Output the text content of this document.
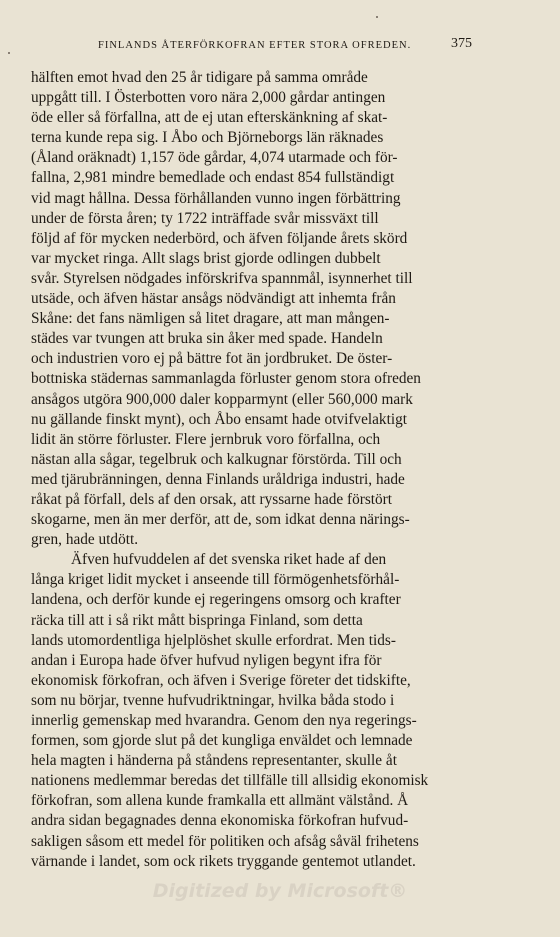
FINLANDS ÅTERFÖRKOFRAN EFTER STORA OFREDEN.	375
hälften emot hvad den 25 år tidigare på samma område
uppgått till. I Österbotten voro nära 2,000 gårdar antingen
öde eller så förfallna, att de ej utan efterskänkning af skat-
terna kunde repa sig. I Åbo och Björneborgs län räknades
(Åland oräknadt) 1,157 öde gårdar, 4,074 utarmade och för-
fallna, 2,981 mindre bemedlade och endast 854 fullständigt
vid magt hållna. Dessa förhållanden vunno ingen förbättring
under de första åren; ty 1722 inträffade svår missväxt till
följd af för mycken nederbörd, och äfven följande årets skörd
var mycket ringa. Allt slags brist gjorde odlingen dubbelt
svår. Styrelsen nödgades införskrifva spannmål, isynnerhet till
utsäde, och äfven hästar ansågs nödvändigt att inhemta från
Skåne: det fans nämligen så litet dragare, att man mången-
städes var tvungen att bruka sin åker med spade. Handeln
och industrien voro ej på bättre fot än jordbruket. De öster-
bottniska städernas sammanlagda förluster genom stora ofreden
ansågos utgöra 900,000 daler kopparmynt (eller 560,000 mark
nu gällande finskt mynt), och Åbo ensamt hade otvifvelaktigt
lidit än större förluster. Flere jernbruk voro förfallna, och
nästan alla sågar, tegelbruk och kalkugnar förstörda. Till och
med tjärubränningen, denna Finlands uråldriga industri, hade
råkat på förfall, dels af den orsak, att ryssarne hade förstört
skogarne, men än mer derför, att de, som idkat denna närings-
gren, hade utdött.
Äfven hufvuddelen af det svenska riket hade af den
långa kriget lidit mycket i anseende till förmögenhetsförhål-
landena, och derför kunde ej regeringens omsorg och krafter
räcka till att i så rikt mått bispringa Finland, som detta
lands utomordentliga hjelplöshet skulle erfordrat. Men tids-
andan i Europa hade öfver hufvud nyligen begynt ifra för
ekonomisk förkofran, och äfven i Sverige företer det tidskifte,
som nu börjar, tvenne hufvudriktningar, hvilka båda stodo i
innerlig gemenskap med hvarandra. Genom den nya regerings-
formen, som gjorde slut på det kungliga enväldet och lemnade
hela magten i händerna på ståndens representanter, skulle åt
nationens medlemmar beredas det tillfälle till allsidig ekonomisk
förkofran, som allena kunde framkalla ett allmänt välstånd. Å
andra sidan begagnades denna ekonomiska förkofran hufvud-
sakligen såsom ett medel för politiken och afsåg såväl frihetens
värnande i landet, som ock rikets tryggande gentemot utlandet.
Digitized by Microsoft®
